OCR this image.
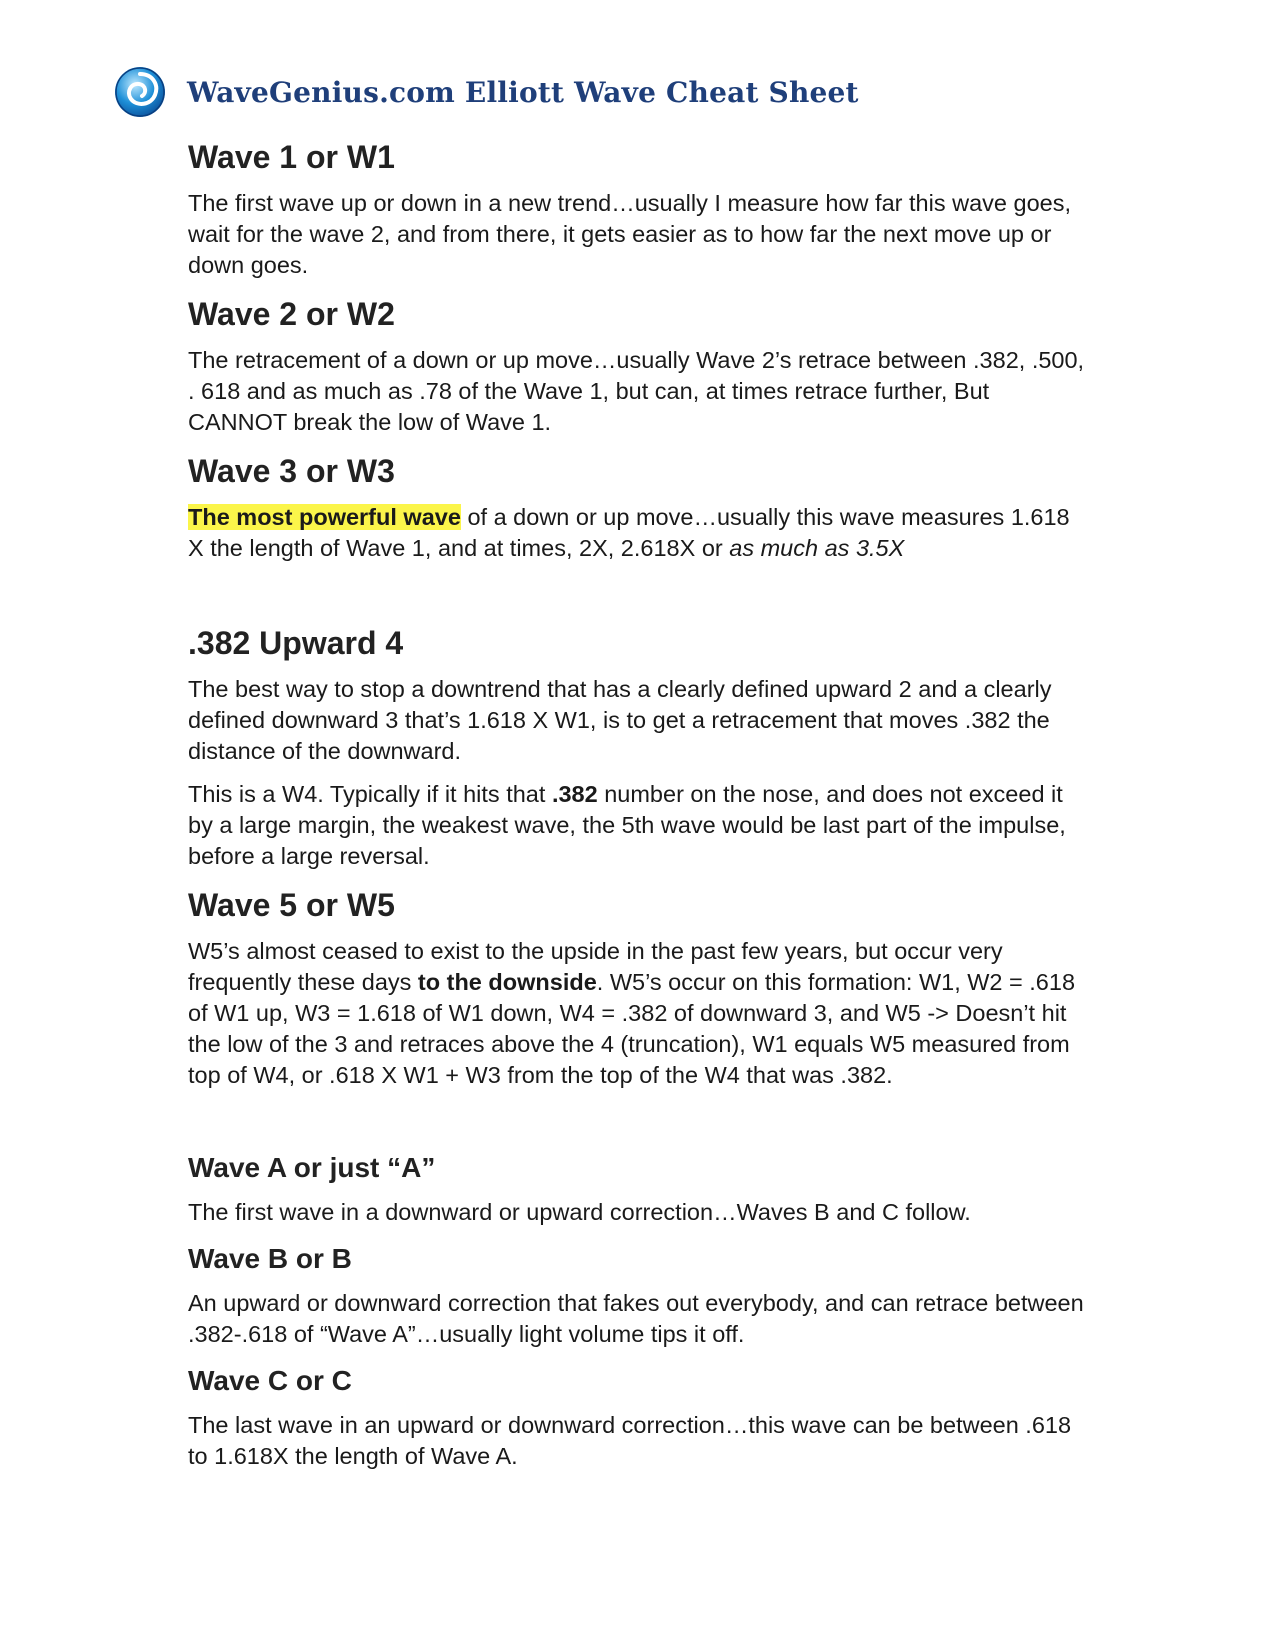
WaveGenius.com Elliott Wave Cheat Sheet
Wave 1 or W1

The first wave up or down in a new trend…usually I measure how far this wave goes, wait for the wave 2, and from there, it gets easier as to how far the next move up or down goes.

Wave 2 or W2

The retracement of a down or up move…usually Wave 2’s retrace between .382, .500, . 618 and as much as .78 of the Wave 1, but can, at times retrace further, But CANNOT break the low of Wave 1.

Wave 3 or W3

The most powerful wave of a down or up move…usually this wave measures 1.618 X the length of Wave 1, and at times, 2X, 2.618X or as much as 3.5X

.382 Upward 4

The best way to stop a downtrend that has a clearly defined upward 2 and a clearly defined downward 3 that’s 1.618 X W1, is to get a retracement that moves .382 the distance of the downward.

This is a W4. Typically if it hits that .382 number on the nose, and does not exceed it by a large margin, the weakest wave, the 5th wave would be last part of the impulse, before a large reversal.

Wave 5 or W5

W5’s almost ceased to exist to the upside in the past few years, but occur very frequently these days to the downside. W5’s occur on this formation: W1, W2 = .618 of W1 up, W3 = 1.618 of W1 down, W4 = .382 of downward 3, and W5 -> Doesn’t hit the low of the 3 and retraces above the 4 (truncation), W1 equals W5 measured from top of W4, or .618 X W1 + W3 from the top of the W4 that was .382.

Wave A or just “A”

The first wave in a downward or upward correction…Waves B and C follow.

Wave B or B

An upward or downward correction that fakes out everybody, and can retrace between .382-.618 of “Wave A”…usually light volume tips it off.

Wave C or C

The last wave in an upward or downward correction…this wave can be between .618 to 1.618X the length of Wave A.
